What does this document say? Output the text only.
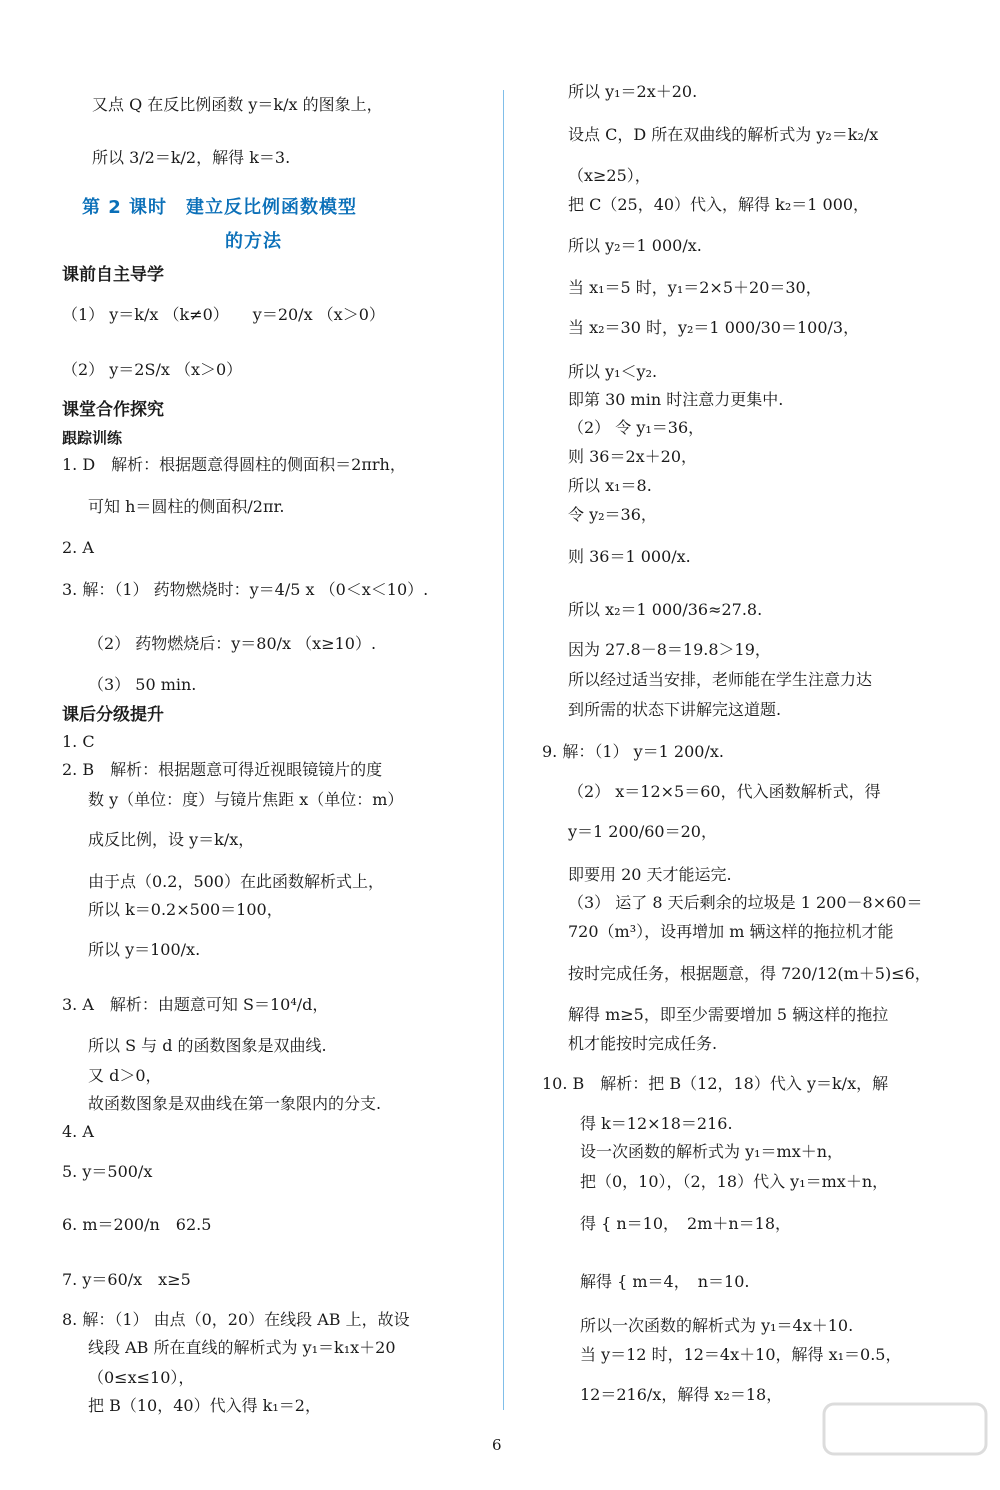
又点 Q 在反比例函数 y＝k/x 的图象上，
所以 3/2＝k/2，解得 k＝3.
第 2 课时　建立反比例函数模型
的方法
课前自主导学
（1） y＝k/x （k≠0）　　y＝20/x （x＞0）
（2） y＝2S/x （x＞0）
课堂合作探究
跟踪训练
1. D　解析：根据题意得圆柱的侧面积＝2πrh，
可知 h＝圆柱的侧面积/2πr.
2. A
3. 解：（1） 药物燃烧时：y＝4/5 x （0＜x＜10）.
（2） 药物燃烧后：y＝80/x （x≥10）.
（3） 50 min.
课后分级提升
1. C
2. B　解析：根据题意可得近视眼镜镜片的度
数 y（单位：度）与镜片焦距 x（单位：m）
成反比例，设 y＝k/x，
由于点（0.2，500）在此函数解析式上，
所以 k＝0.2×500＝100，
所以 y＝100/x.
3. A　解析：由题意可知 S＝10⁴/d，
所以 S 与 d 的函数图象是双曲线.
又 d＞0，
故函数图象是双曲线在第一象限内的分支.
4. A
5. y＝500/x
6. m＝200/n　62.5
7. y＝60/x　x≥5
8. 解：（1） 由点（0，20）在线段 AB 上，故设
线段 AB 所在直线的解析式为 y₁＝k₁x＋20
（0≤x≤10），
把 B（10，40）代入得 k₁＝2，
所以 y₁＝2x＋20.
设点 C，D 所在双曲线的解析式为 y₂＝k₂/x
（x≥25），
把 C（25，40）代入，解得 k₂＝1 000，
所以 y₂＝1 000/x.
当 x₁＝5 时，y₁＝2×5＋20＝30，
当 x₂＝30 时，y₂＝1 000/30＝100/3，
所以 y₁＜y₂.
即第 30 min 时注意力更集中.
（2） 令 y₁＝36，
则 36＝2x＋20，
所以 x₁＝8.
令 y₂＝36，
则 36＝1 000/x.
所以 x₂＝1 000/36≈27.8.
因为 27.8－8＝19.8＞19，
所以经过适当安排，老师能在学生注意力达
到所需的状态下讲解完这道题.
9. 解：（1） y＝1 200/x.
（2） x＝12×5＝60，代入函数解析式，得
y＝1 200/60＝20，
即要用 20 天才能运完.
（3） 运了 8 天后剩余的垃圾是 1 200－8×60＝
720（m³），设再增加 m 辆这样的拖拉机才能
按时完成任务，根据题意，得 720/12(m＋5)≤6，
解得 m≥5，即至少需要增加 5 辆这样的拖拉
机才能按时完成任务.
10. B　解析：把 B（12，18）代入 y＝k/x，解
得 k＝12×18＝216.
设一次函数的解析式为 y₁＝mx＋n，
把（0，10），（2，18）代入 y₁＝mx＋n，
得 { n＝10，　2m＋n＝18，
解得 { m＝4，　n＝10.
所以一次函数的解析式为 y₁＝4x＋10.
当 y＝12 时，12＝4x＋10，解得 x₁＝0.5，
12＝216/x，解得 x₂＝18，
6
